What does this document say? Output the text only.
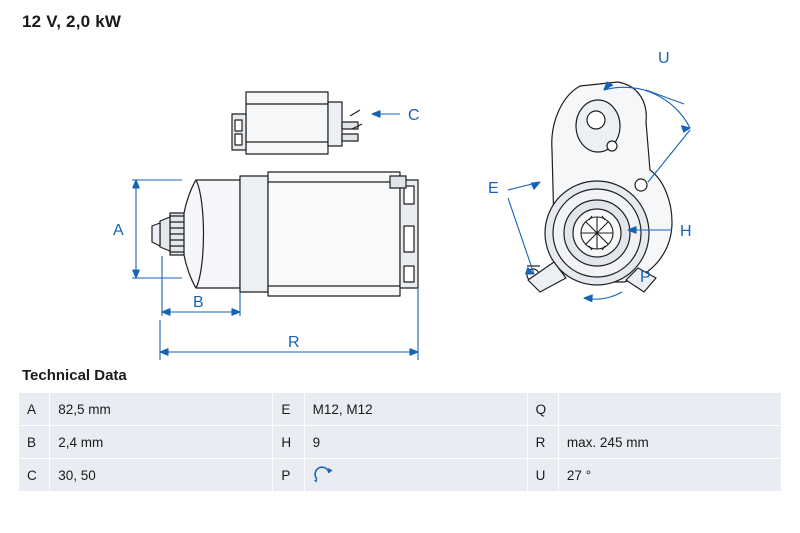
12 V, 2,0 kW
A
B
R
C
E
H
U
P
Technical Data
A	82,5 mm	E	M12, M12	Q	
B	2,4 mm	H	9	R	max. 245 mm
C	30, 50	P		U	27 °
